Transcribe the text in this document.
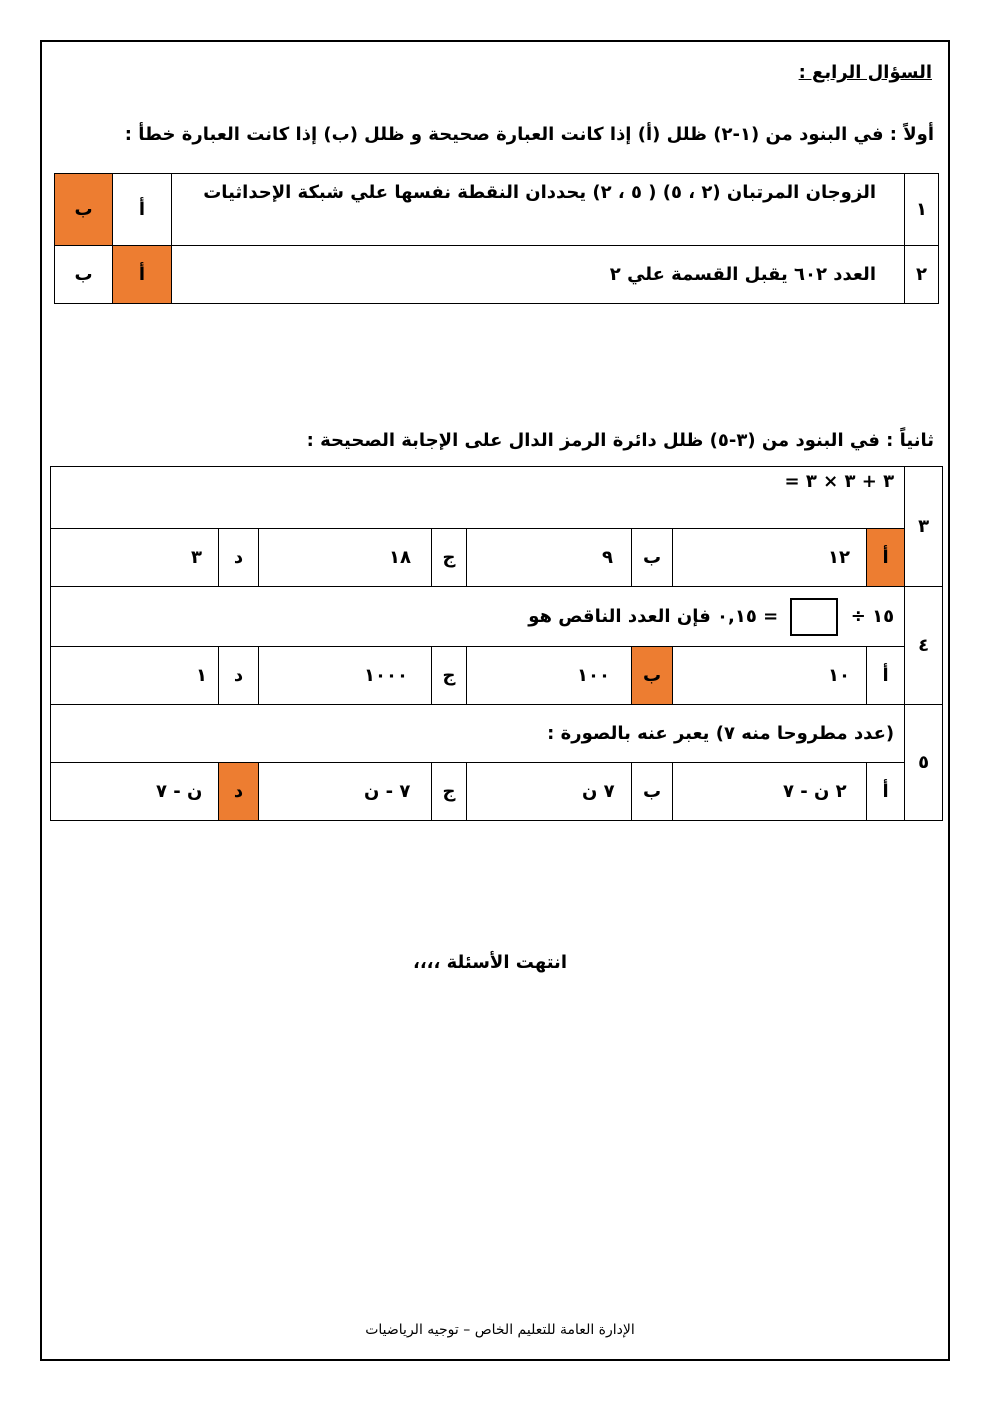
السؤال الرابع :
أولاً : في البنود من (١-٢) ظلل (أ) إذا كانت العبارة صحيحة و ظلل (ب) إذا كانت العبارة خطأ :
ب	أ	الزوجان المرتبان (٢ ، ٥) ( ٥ ، ٢) يحددان النقطة نفسها علي شبكة الإحداثيات	١
ب	أ	العدد ٦٠٢ يقبل القسمة علي ٢	٢
ثانياً : في البنود من (٣-٥) ظلل دائرة الرمز الدال على الإجابة الصحيحة :
٣ + ٣ × ٣ =								٣
٣	د	١٨	ج	٩	ب	١٢	أ	
١٥ ÷  = ٠,١٥ فإن العدد الناقص هو								٤
١	د	١٠٠٠	ج	١٠٠	ب	١٠	أ	
(عدد مطروحا منه ٧) يعبر عنه بالصورة :								٥
ن - ٧	د	٧ - ن	ج	٧ ن	ب	٢ ن - ٧	أ	
انتهت الأسئلة ،،،،
الإدارة العامة للتعليم الخاص – توجيه الرياضيات
